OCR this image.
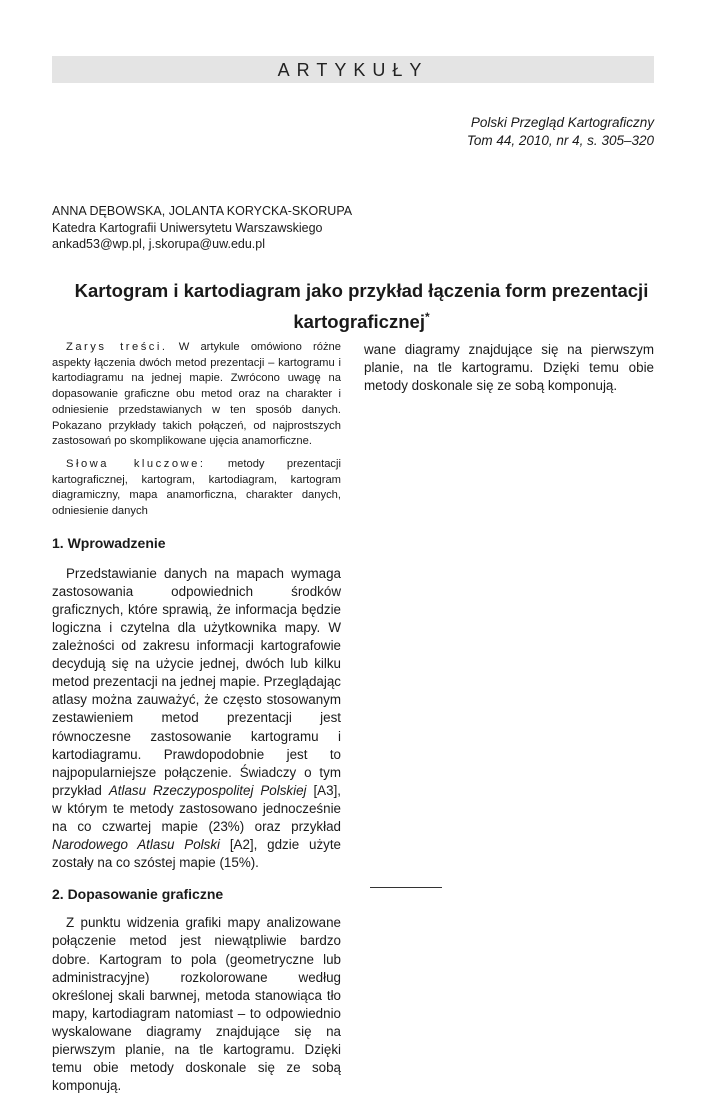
ARTYKUŁY
Polski Przegląd Kartograficzny
Tom 44, 2010, nr 4, s. 305–320
ANNA DĘBOWSKA, JOLANTA KORYCKA-SKORUPA
Katedra Kartografii Uniwersytetu Warszawskiego
ankad53@wp.pl, j.skorupa@uw.edu.pl
Kartogram i kartodiagram jako przykład łączenia form prezentacji
kartograficznej*

Zarys treści. W artykule omówiono różne aspekty łączenia dwóch metod prezentacji – kartogramu i kartodiagramu na jednej mapie. Zwrócono uwagę na dopasowanie graficzne obu metod oraz na charakter i odniesienie przedstawianych w ten sposób danych. Pokazano przykłady takich połączeń, od najprostszych zastosowań po skomplikowane ujęcia anamorficzne.

Słowa kluczowe: metody prezentacji kartograficznej, kartogram, kartodiagram, kartogram diagramiczny, mapa anamorficzna, charakter danych, odniesienie danych

1. Wprowadzenie

Przedstawianie danych na mapach wymaga zastosowania odpowiednich środków graficznych, które sprawią, że informacja będzie logiczna i czytelna dla użytkownika mapy. W zależności od zakresu informacji kartografowie decydują się na użycie jednej, dwóch lub kilku metod prezentacji na jednej mapie. Przeglądając atlasy można zauważyć, że często stosowanym zestawieniem metod prezentacji jest równoczesne zastosowanie kartogramu i kartodiagramu. Prawdopodobnie jest to najpopularniejsze połączenie. Świadczy o tym przykład Atlasu Rzeczypospolitej Polskiej [A3], w którym te metody zastosowano jednocześnie na co czwartej mapie (23%) oraz przykład Narodowego Atlasu Polski [A2], gdzie użyte zostały na co szóstej mapie (15%).

2. Dopasowanie graficzne

Z punktu widzenia grafiki mapy analizowane połączenie metod jest niewątpliwie bardzo dobre. Kartogram to pola (geometryczne lub administracyjne) rozkolorowane według określonej skali barwnej, metoda stanowiąca tło mapy, kartodiagram natomiast – to odpowiednio wyskalowane diagramy znajdujące się na pierwszym planie, na tle kartogramu. Dzięki temu obie metody doskonale się ze sobą komponują.

wane diagramy znajdujące się na pierwszym planie, na tle kartogramu. Dzięki temu obie metody doskonale się ze sobą komponują.
